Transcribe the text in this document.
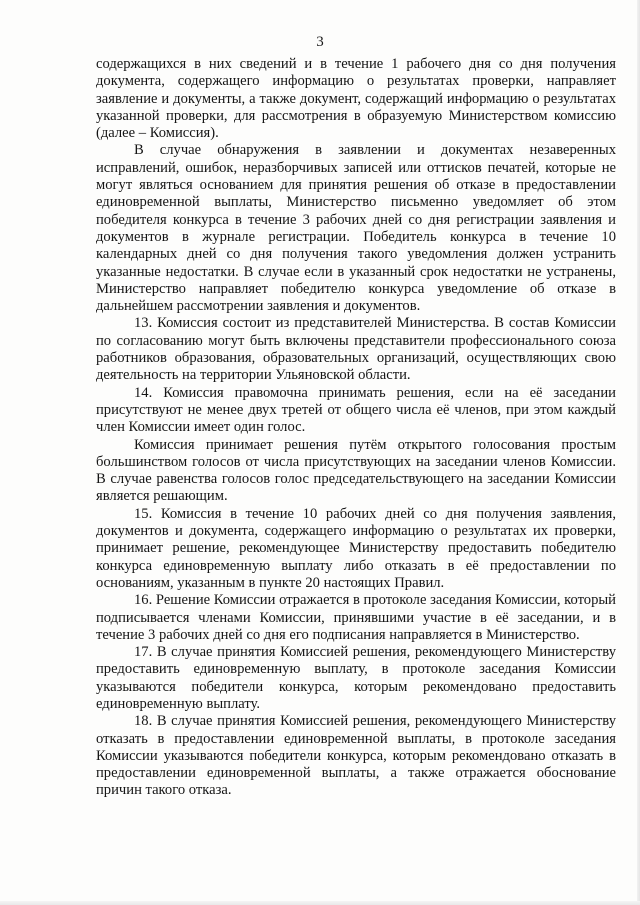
3

содержащихся в них сведений и в течение 1 рабочего дня со дня получения документа, содержащего информацию о результатах проверки, направляет заявление и документы, а также документ, содержащий информацию о результатах указанной проверки, для рассмотрения в образуемую Министерством комиссию (далее – Комиссия).

В случае обнаружения в заявлении и документах незаверенных исправлений, ошибок, неразборчивых записей или оттисков печатей, которые не могут являться основанием для принятия решения об отказе в предоставлении единовременной выплаты, Министерство письменно уведомляет об этом победителя конкурса в течение 3 рабочих дней со дня регистрации заявления и документов в журнале регистрации. Победитель конкурса в течение 10 календарных дней со дня получения такого уведомления должен устранить указанные недостатки. В случае если в указанный срок недостатки не устранены, Министерство направляет победителю конкурса уведомление об отказе в дальнейшем рассмотрении заявления и документов.

13. Комиссия состоит из представителей Министерства. В состав Комиссии по согласованию могут быть включены представители профессионального союза работников образования, образовательных организаций, осуществляющих свою деятельность на территории Ульяновской области.

14. Комиссия правомочна принимать решения, если на её заседании присутствуют не менее двух третей от общего числа её членов, при этом каждый член Комиссии имеет один голос.

Комиссия принимает решения путём открытого голосования простым большинством голосов от числа присутствующих на заседании членов Комиссии. В случае равенства голосов голос председательствующего на заседании Комиссии является решающим.

15. Комиссия в течение 10 рабочих дней со дня получения заявления, документов и документа, содержащего информацию о результатах их проверки, принимает решение, рекомендующее Министерству предоставить победителю конкурса единовременную выплату либо отказать в её предоставлении по основаниям, указанным в пункте 20 настоящих Правил.

16. Решение Комиссии отражается в протоколе заседания Комиссии, который подписывается членами Комиссии, принявшими участие в её заседании, и в течение 3 рабочих дней со дня его подписания направляется в Министерство.

17. В случае принятия Комиссией решения, рекомендующего Министерству предоставить единовременную выплату, в протоколе заседания Комиссии указываются победители конкурса, которым рекомендовано предоставить единовременную выплату.

18. В случае принятия Комиссией решения, рекомендующего Министерству отказать в предоставлении единовременной выплаты, в протоколе заседания Комиссии указываются победители конкурса, которым рекомендовано отказать в предоставлении единовременной выплаты, а также отражается обоснование причин такого отказа.
